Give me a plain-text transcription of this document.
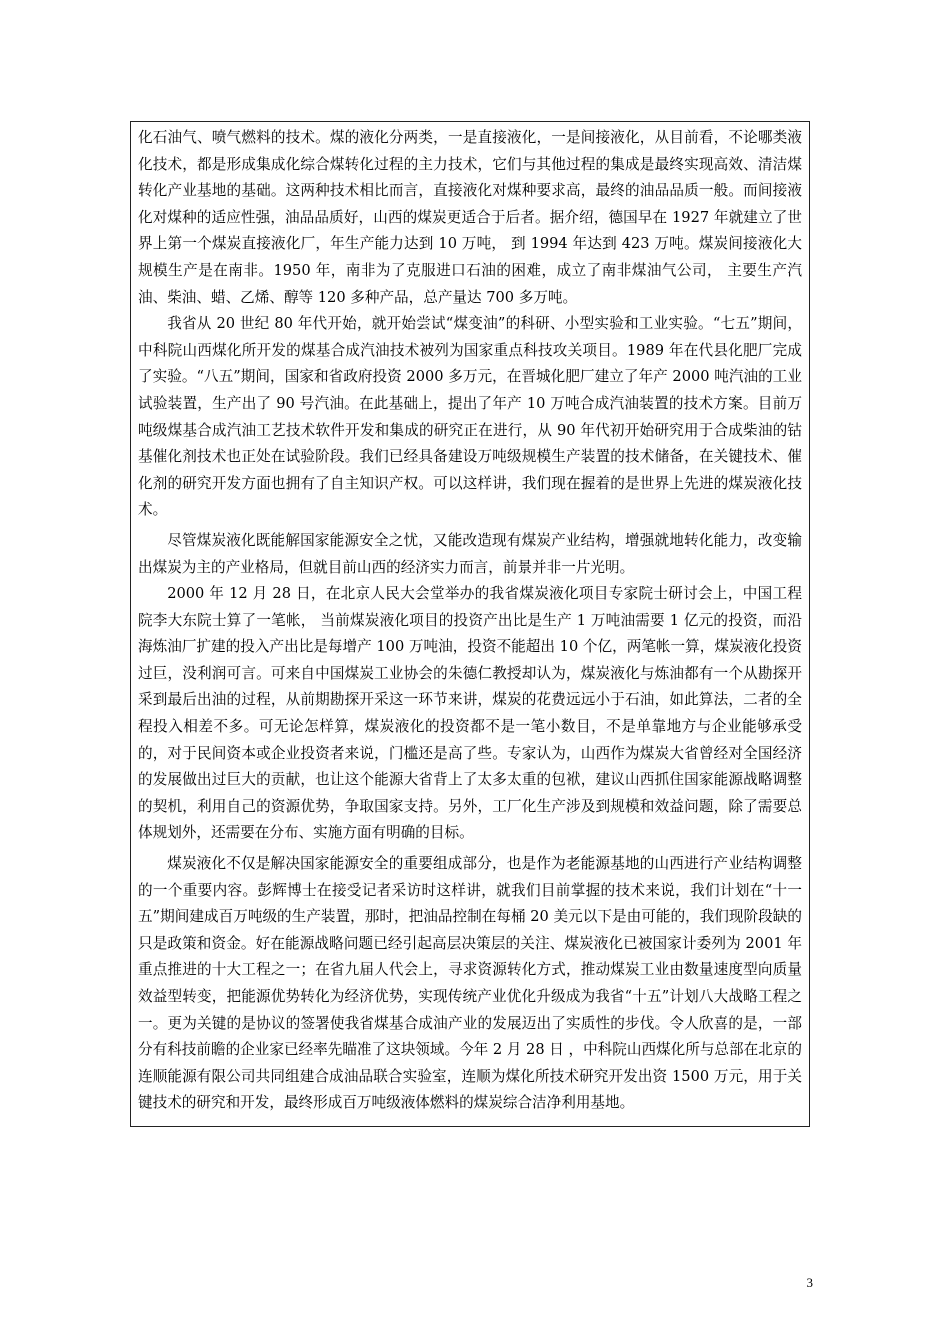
化石油气、喷气燃料的技术。煤的液化分两类，一是直接液化，一是间接液化，从目前看，不论哪类液化技术，都是形成集成化综合煤转化过程的主力技术，它们与其他过程的集成是最终实现高效、清洁煤转化产业基地的基础。这两种技术相比而言，直接液化对煤种要求高，最终的油品品质一般。而间接液化对煤种的适应性强，油品品质好，山西的煤炭更适合于后者。据介绍，德国早在 1927 年就建立了世界上第一个煤炭直接液化厂，年生产能力达到 10 万吨， 到 1994 年达到 423 万吨。煤炭间接液化大规模生产是在南非。1950 年，南非为了克服进口石油的困难，成立了南非煤油气公司， 主要生产汽油、柴油、蜡、乙烯、醇等 120 多种产品，总产量达 700 多万吨。

我省从 20 世纪 80 年代开始，就开始尝试“煤变油”的科研、小型实验和工业实验。“七五”期间，中科院山西煤化所开发的煤基合成汽油技术被列为国家重点科技攻关项目。1989 年在代县化肥厂完成了实验。“八五”期间，国家和省政府投资 2000 多万元，在晋城化肥厂建立了年产 2000 吨汽油的工业试验装置，生产出了 90 号汽油。在此基础上，提出了年产 10 万吨合成汽油装置的技术方案。目前万吨级煤基合成汽油工艺技术软件开发和集成的研究正在进行，从 90 年代初开始研究用于合成柴油的钴基催化剂技术也正处在试验阶段。我们已经具备建设万吨级规模生产装置的技术储备，在关键技术、催化剂的研究开发方面也拥有了自主知识产权。可以这样讲，我们现在握着的是世界上先进的煤炭液化技术。

尽管煤炭液化既能解国家能源安全之忧，又能改造现有煤炭产业结构，增强就地转化能力，改变输出煤炭为主的产业格局，但就目前山西的经济实力而言，前景并非一片光明。

2000 年 12 月 28 日，在北京人民大会堂举办的我省煤炭液化项目专家院士研讨会上，中国工程院李大东院士算了一笔帐， 当前煤炭液化项目的投资产出比是生产 1 万吨油需要 1 亿元的投资，而沿海炼油厂扩建的投入产出比是每增产 100 万吨油，投资不能超出 10 个亿，两笔帐一算，煤炭液化投资过巨，没利润可言。可来自中国煤炭工业协会的朱德仁教授却认为，煤炭液化与炼油都有一个从勘探开采到最后出油的过程，从前期勘探开采这一环节来讲，煤炭的花费远远小于石油，如此算法，二者的全程投入相差不多。可无论怎样算，煤炭液化的投资都不是一笔小数目，不是单靠地方与企业能够承受的，对于民间资本或企业投资者来说，门槛还是高了些。专家认为，山西作为煤炭大省曾经对全国经济的发展做出过巨大的贡献，也让这个能源大省背上了太多太重的包袱，建议山西抓住国家能源战略调整的契机，利用自己的资源优势，争取国家支持。另外，工厂化生产涉及到规模和效益问题，除了需要总体规划外，还需要在分布、实施方面有明确的目标。

煤炭液化不仅是解决国家能源安全的重要组成部分，也是作为老能源基地的山西进行产业结构调整的一个重要内容。彭辉博士在接受记者采访时这样讲，就我们目前掌握的技术来说，我们计划在“十一五”期间建成百万吨级的生产装置，那时，把油品控制在每桶 20 美元以下是由可能的，我们现阶段缺的只是政策和资金。好在能源战略问题已经引起高层决策层的关注、煤炭液化已被国家计委列为 2001 年重点推进的十大工程之一；在省九届人代会上，寻求资源转化方式，推动煤炭工业由数量速度型向质量效益型转变，把能源优势转化为经济优势，实现传统产业优化升级成为我省“十五”计划八大战略工程之一。更为关键的是协议的签署使我省煤基合成油产业的发展迈出了实质性的步伐。令人欣喜的是，一部分有科技前瞻的企业家已经率先瞄准了这块领域。今年 2 月 28 日 ，中科院山西煤化所与总部在北京的连顺能源有限公司共同组建合成油品联合实验室，连顺为煤化所技术研究开发出资 1500 万元，用于关键技术的研究和开发，最终形成百万吨级液体燃料的煤炭综合洁净利用基地。

3
